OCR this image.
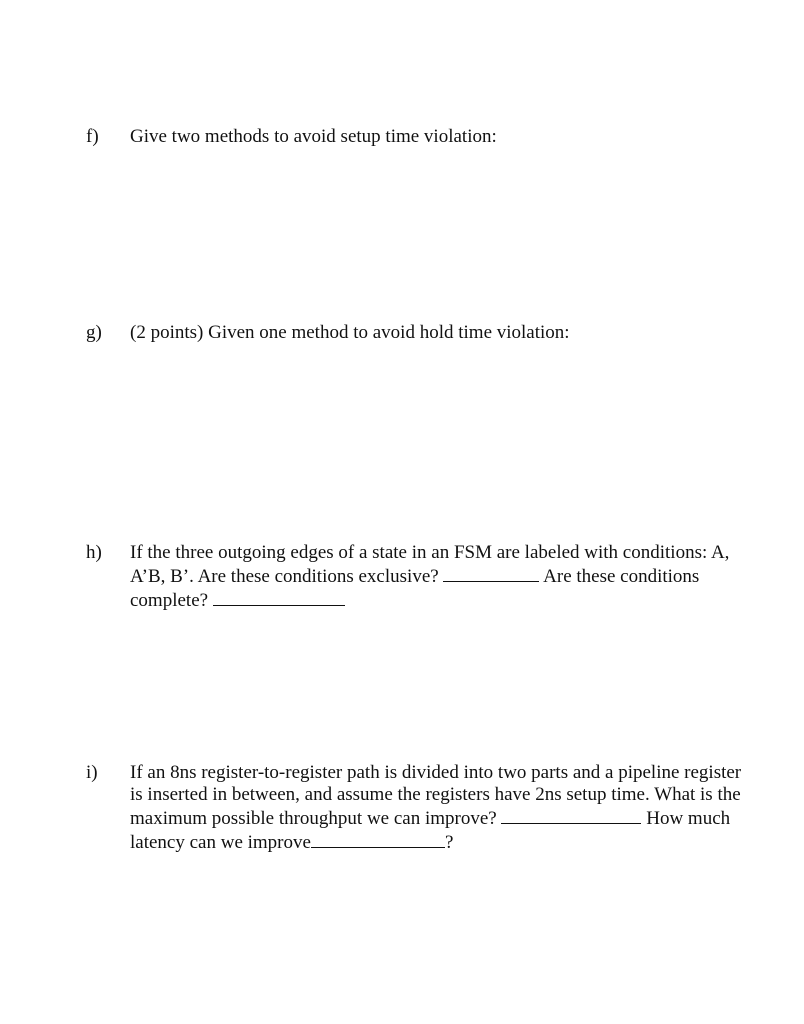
f)	Give two methods to avoid setup time violation:
g)	(2 points) Given one method to avoid hold time violation:
h)	If the three outgoing edges of a state in an FSM are labeled with conditions: A,
A’B, B’. Are these conditions exclusive?	Are these conditions
complete?
i)	If an 8ns register-to-register path is divided into two parts and a pipeline register
is inserted in between, and assume the registers have 2ns setup time. What is the
maximum possible throughput we can improve?	How much
latency can we improve	?
